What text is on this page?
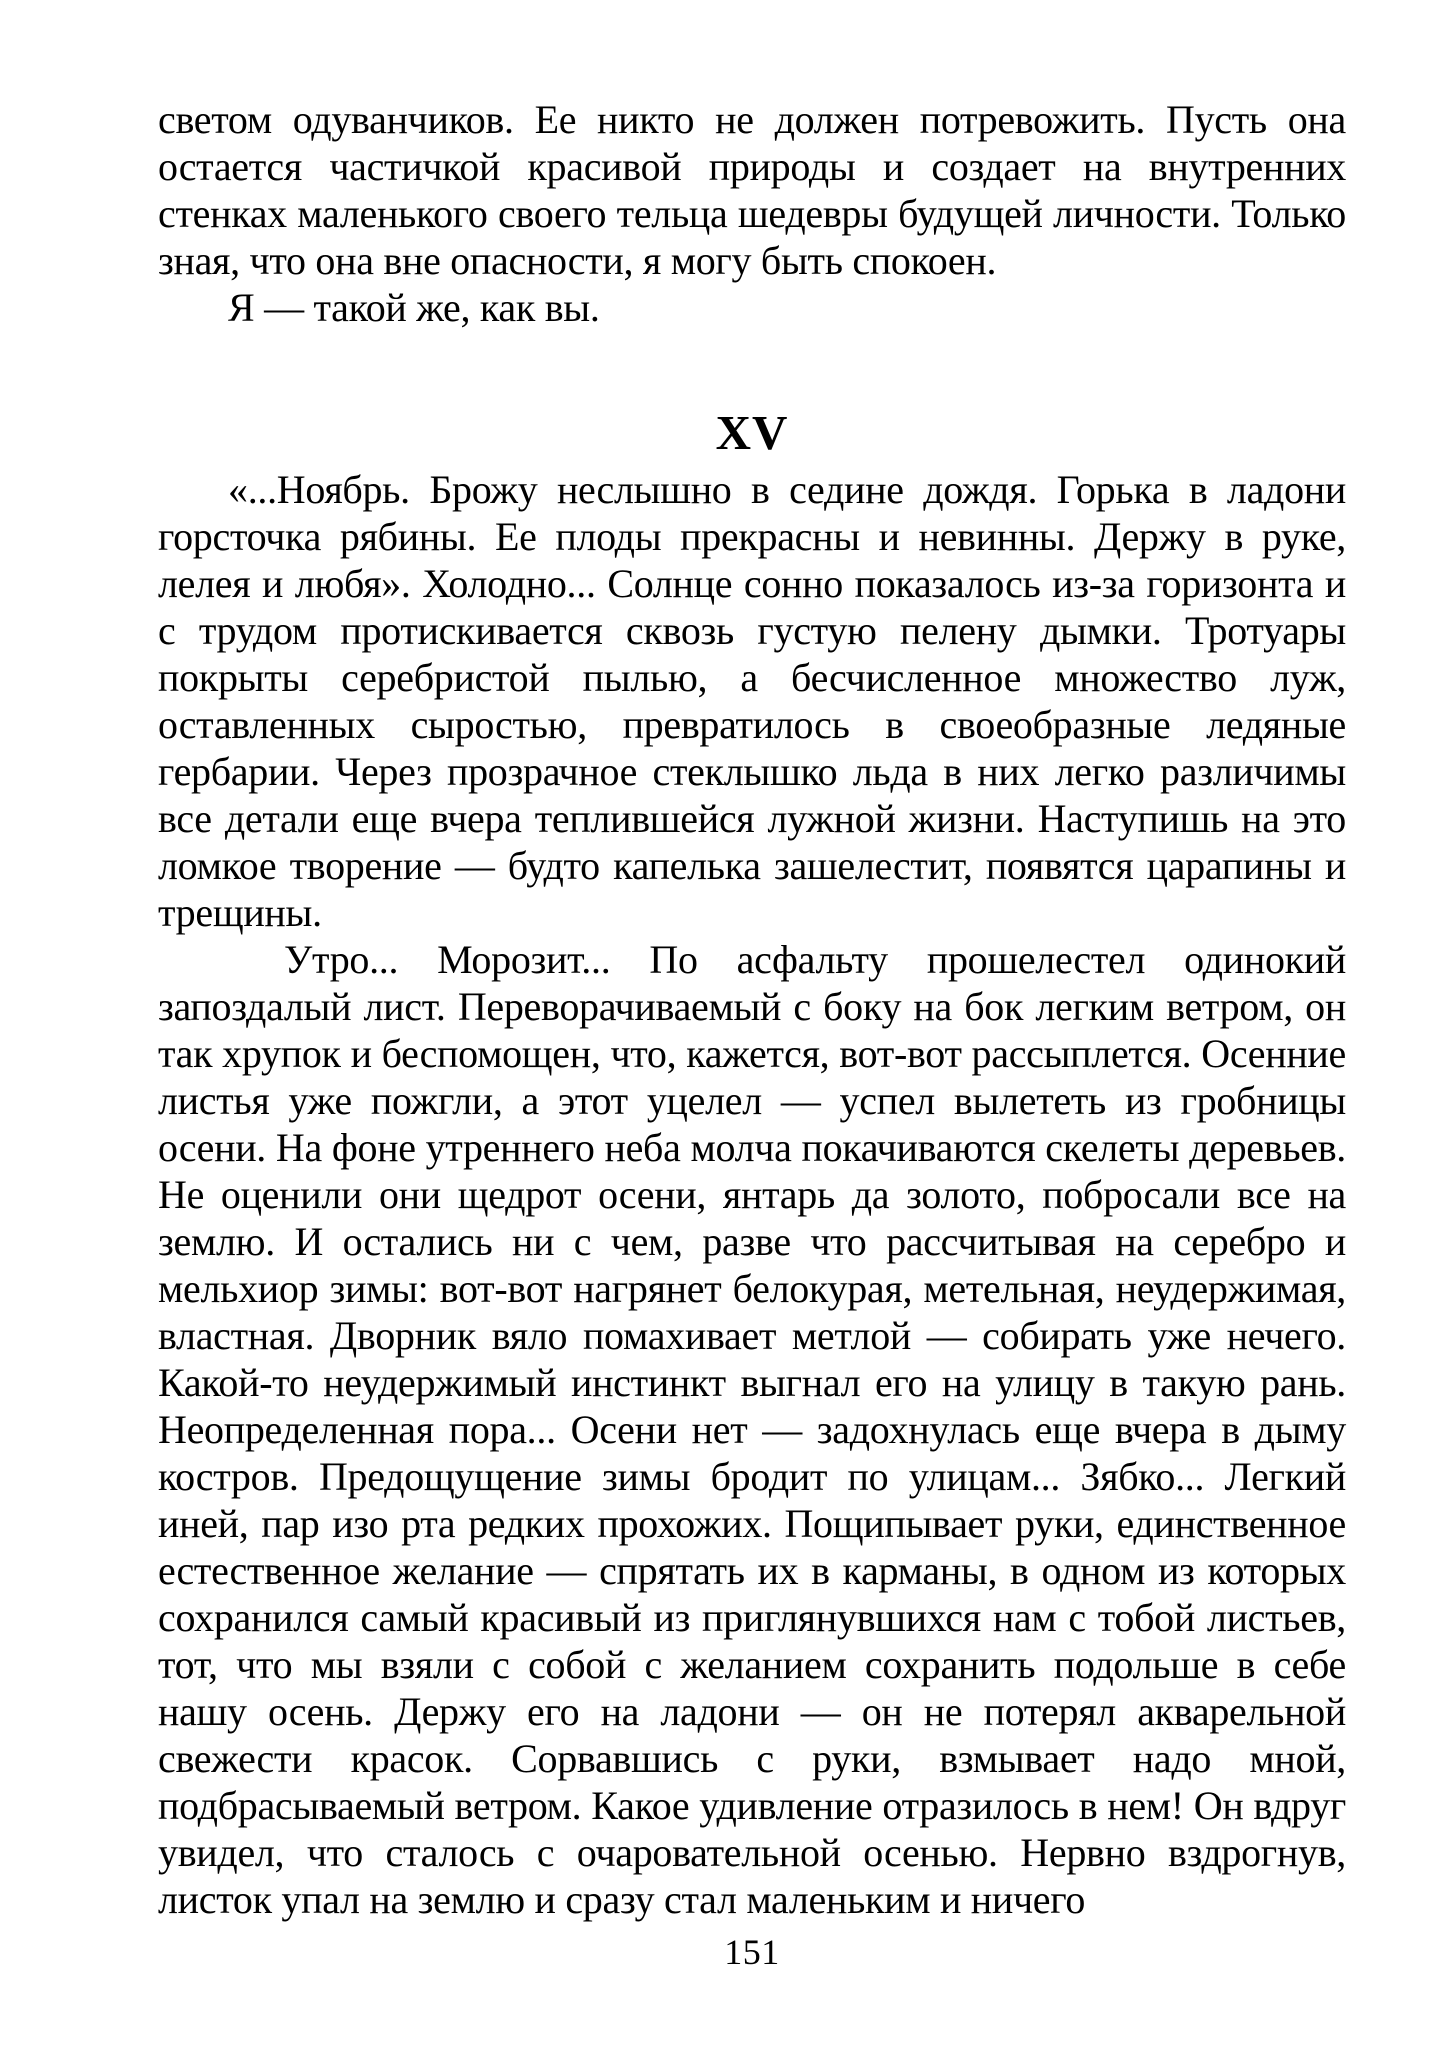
светом одуванчиков. Ее никто не должен потревожить. Пусть она остается частичкой красивой природы и создает на внутренних стенках маленького своего тельца шедевры будущей личности. Только зная, что она вне опасности, я могу быть спокоен.

Я — такой же, как вы.

XV

«...Ноябрь. Брожу неслышно в седине дождя. Горька в ладони горсточка рябины. Ее плоды прекрасны и невинны. Держу в руке, лелея и любя». Холодно... Солнце сонно показалось из-за горизонта и с трудом протискивается сквозь густую пелену дымки. Тротуары покрыты серебристой пылью, а бесчисленное множество луж, оставленных сыростью, превратилось в своеобразные ледяные гербарии. Через прозрачное стеклышко льда в них легко различимы все детали еще вчера теплившейся лужной жизни. Наступишь на это ломкое творение — будто капелька зашелестит, появятся царапины и трещины.

Утро... Морозит... По асфальту прошелестел одинокий запоздалый лист. Переворачиваемый с боку на бок легким ветром, он так хрупок и беспомощен, что, кажется, вот-вот рассыплется. Осенние листья уже пожгли, а этот уцелел — успел вылететь из гробницы осени. На фоне утреннего неба молча покачиваются скелеты деревьев. Не оценили они щедрот осени, янтарь да золото, побросали все на землю. И остались ни с чем, разве что рассчитывая на серебро и мельхиор зимы: вот-вот нагрянет белокурая, метельная, неудержимая, властная. Дворник вяло помахивает метлой — собирать уже нечего. Какой-то неудержимый инстинкт выгнал его на улицу в такую рань. Неопределенная пора... Осени нет — задохнулась еще вчера в дыму костров. Предощущение зимы бродит по улицам... Зябко... Легкий иней, пар изо рта редких прохожих. Пощипывает руки, единственное естественное желание — спрятать их в карманы, в одном из которых сохранился самый красивый из приглянувшихся нам с тобой листьев, тот, что мы взяли с собой с желанием сохранить подольше в себе нашу осень. Держу его на ладони — он не потерял акварельной свежести красок. Сорвавшись с руки, взмывает надо мной, подбрасываемый ветром. Какое удивление отразилось в нем! Он вдруг увидел, что сталось с очаровательной осенью. Нервно вздрогнув, листок упал на землю и сразу стал маленьким и ничего

151
